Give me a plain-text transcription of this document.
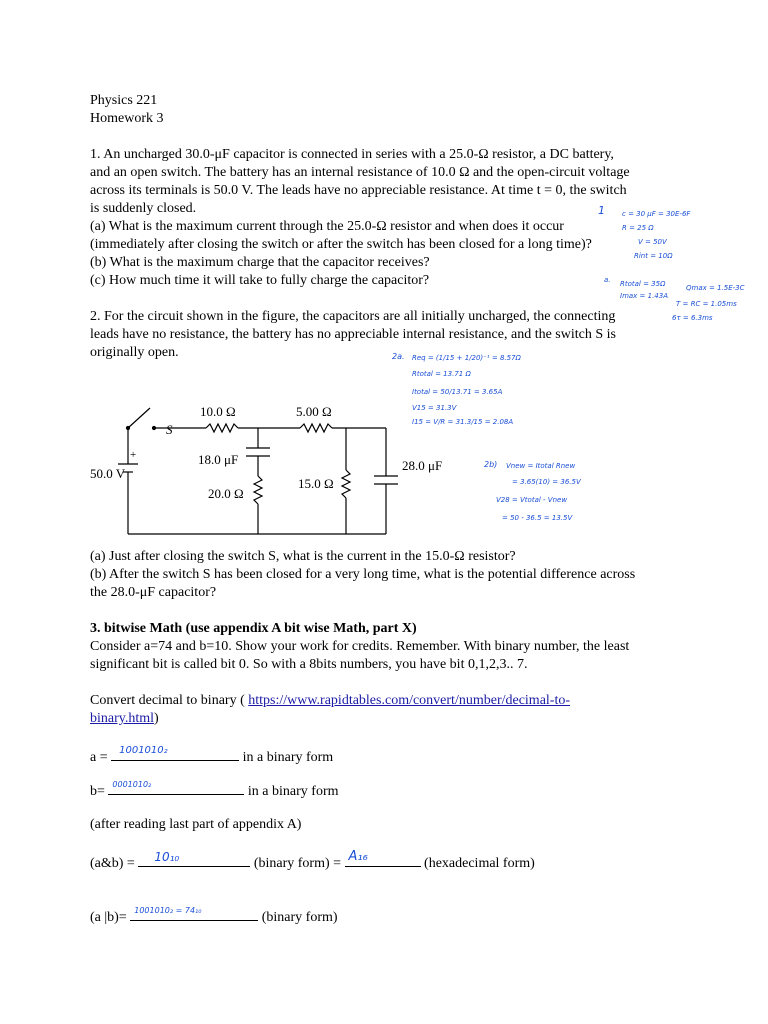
Physics 221
Homework 3
1. An uncharged 30.0-μF capacitor is connected in series with a 25.0-Ω resistor, a DC battery,
and an open switch. The battery has an internal resistance of 10.0 Ω and the open-circuit voltage
across its terminals is 50.0 V. The leads have no appreciable resistance. At time t = 0, the switch
is suddenly closed.
(a) What is the maximum current through the 25.0-Ω resistor and when does it occur
(immediately after closing the switch or after the switch has been closed for a long time)?
(b) What is the maximum charge that the capacitor receives?
(c) How much time it will take to fully charge the capacitor?
1 c = 30 μF = 30E-6F
R = 25 Ω
V = 50V
Rint = 10Ω
a. Rtotal = 35Ω
Imax = 1.43A
Qmax = 1.5E-3C
T = RC = 1.05ms
6τ = 6.3ms
2. For the circuit shown in the figure, the capacitors are all initially uncharged, the connecting
leads have no resistance, the battery has no appreciable internal resistance, and the switch S is
originally open.	2a. Req = (1/15 + 1/20)⁻¹ = 8.57Ω
Rtotal = 13.71 Ω
Itotal = 50/13.71 = 3.65A
V15 = 31.3V
I15 = V/R = 31.3/15 = 2.08A
2b) Vnew = Itotal Rnew
= 3.65(10) = 36.5V
V28 = Vtotal - Vnew
= 50 - 36.5 = 13.5V
+
50.0 V
S
10.0 Ω	5.00 Ω
18.0 μF
20.0 Ω
15.0 Ω
28.0 μF
(a) Just after closing the switch S, what is the current in the 15.0-Ω resistor?
(b) After the switch S has been closed for a very long time, what is the potential difference across
the 28.0-μF capacitor?
3. bitwise Math (use appendix A bit wise Math, part X)
Consider a=74 and b=10. Show your work for credits. Remember. With binary number, the least
significant bit is called bit 0. So with a 8bits numbers, you have bit 0,1,2,3.. 7.
Convert decimal to binary ( https://www.rapidtables.com/convert/number/decimal-to-
binary.html)
a = 1001010₂	in a binary form
b= 0001010₂	in a binary form
(after reading last part of appendix A)
(a&b) = 10₁₀	(binary form) = A₁₆	(hexadecimal form)
(a |b)= 1001010₂ = 74₁₀	(binary form)
